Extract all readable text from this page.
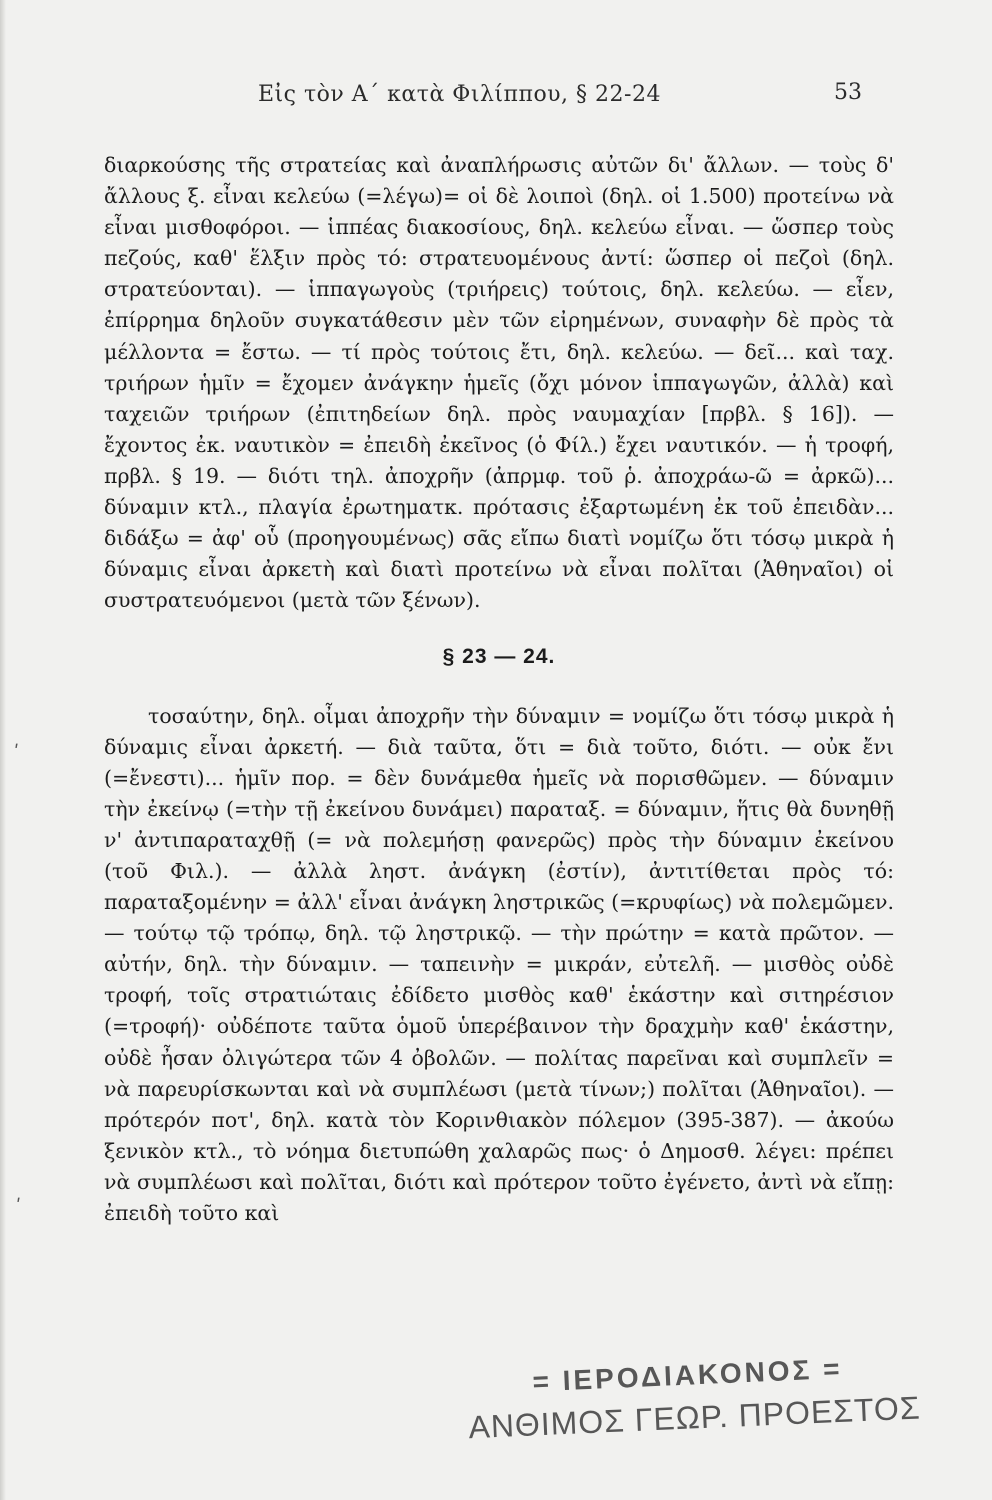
Εἰς τὸν Α΄ κατὰ Φιλίππου, § 22-24	53

διαρκούσης τῆς στρατείας καὶ ἀναπλήρωσις αὐτῶν δι' ἄλλων. — τοὺς δ' ἄλλους ξ. εἶναι κελεύω (=λέγω)= οἱ δὲ λοιποὶ (δηλ. οἱ 1.500) προτείνω νὰ εἶναι μισθοφόροι. — ἱππέας διακοσίους, δηλ. κελεύω εἶναι. — ὥσπερ τοὺς πεζούς, καθ' ἕλξιν πρὸς τό: στρατευομένους ἀντί: ὥσπερ οἱ πεζοὶ (δηλ. στρατεύονται). — ἱππαγωγοὺς (τριήρεις) τούτοις, δηλ. κελεύω. — εἶεν, ἐπίρρημα δηλοῦν συγκατάθεσιν μὲν τῶν εἰρημένων, συναφὴν δὲ πρὸς τὰ μέλλοντα = ἔστω. — τί πρὸς τούτοις ἔτι, δηλ. κελεύω. — δεῖ... καὶ ταχ. τριήρων ἡμῖν = ἔχομεν ἀνάγκην ἡμεῖς (ὄχι μόνον ἱππαγωγῶν, ἀλλὰ) καὶ ταχειῶν τριήρων (ἐπιτηδείων δηλ. πρὸς ναυμαχίαν [πρβλ. § 16]). — ἔχοντος ἐκ. ναυτικὸν = ἐπειδὴ ἐκεῖνος (ὁ Φίλ.) ἔχει ναυτικόν. — ἡ τροφή, πρβλ. § 19. — διότι τηλ. ἀποχρῆν (ἀπρμφ. τοῦ ῥ. ἀποχράω-ῶ = ἀρκῶ)... δύναμιν κτλ., πλαγία ἐρωτηματκ. πρότασις ἐξαρτωμένη ἐκ τοῦ ἐπειδὰν... διδάξω = ἀφ' οὗ (προηγουμένως) σᾶς εἴπω διατὶ νομίζω ὅτι τόσῳ μικρὰ ἡ δύναμις εἶναι ἀρκετὴ καὶ διατὶ προτείνω νὰ εἶναι πολῖται (Ἀθηναῖοι) οἱ συστρατευόμενοι (μετὰ τῶν ξένων).

§ 23 — 24.

τοσαύτην, δηλ. οἶμαι ἀποχρῆν τὴν δύναμιν = νομίζω ὅτι τόσῳ μικρὰ ἡ δύναμις εἶναι ἀρκετή. — διὰ ταῦτα, ὅτι = διὰ τοῦτο, διότι. — οὐκ ἔνι (=ἔνεστι)... ἡμῖν πορ. = δὲν δυνάμεθα ἡμεῖς νὰ πορισθῶμεν. — δύναμιν τὴν ἐκείνῳ (=τὴν τῇ ἐκείνου δυνάμει) παραταξ. = δύναμιν, ἥτις θὰ δυνηθῇ ν' ἀντιπαραταχθῇ (= νὰ πολεμήσῃ φανερῶς) πρὸς τὴν δύναμιν ἐκείνου (τοῦ Φιλ.). — ἀλλὰ ληστ. ἀνάγκη (ἐστίν), ἀντιτίθεται πρὸς τό: παραταξομένην = ἀλλ' εἶναι ἀνάγκη ληστρικῶς (=κρυφίως) νὰ πολεμῶμεν. — τούτῳ τῷ τρόπῳ, δηλ. τῷ ληστρικῷ. — τὴν πρώτην = κατὰ πρῶτον. — αὐτήν, δηλ. τὴν δύναμιν. — ταπεινὴν = μικράν, εὐτελῆ. — μισθὸς οὐδὲ τροφή, τοῖς στρατιώταις ἐδίδετο μισθὸς καθ' ἑκάστην καὶ σιτηρέσιον (=τροφή)· οὐδέποτε ταῦτα ὁμοῦ ὑπερέβαινον τὴν δραχμὴν καθ' ἑκάστην, οὐδὲ ἦσαν ὀλιγώτερα τῶν 4 ὀβολῶν. — πολίτας παρεῖναι καὶ συμπλεῖν = νὰ παρευρίσκωνται καὶ νὰ συμπλέωσι (μετὰ τίνων;) πολῖται (Ἀθηναῖοι). — πρότερόν ποτ', δηλ. κατὰ τὸν Κορινθιακὸν πόλεμον (395-387). — ἀκούω ξενικὸν κτλ., τὸ νόημα διετυπώθη χαλαρῶς πως· ὁ Δημοσθ. λέγει: πρέπει νὰ συμπλέωσι καὶ πολῖται, διότι καὶ πρότερον τοῦτο ἐγένετο, ἀντὶ νὰ εἴπῃ: ἐπειδὴ τοῦτο καὶ

ʹ
ʹ
= ΙΕΡΟΔΙΑΚΟΝΟΣ =
ΑΝΘΙΜΟΣ ΓΕΩΡ. ΠΡΟΕΣΤΟΣ
